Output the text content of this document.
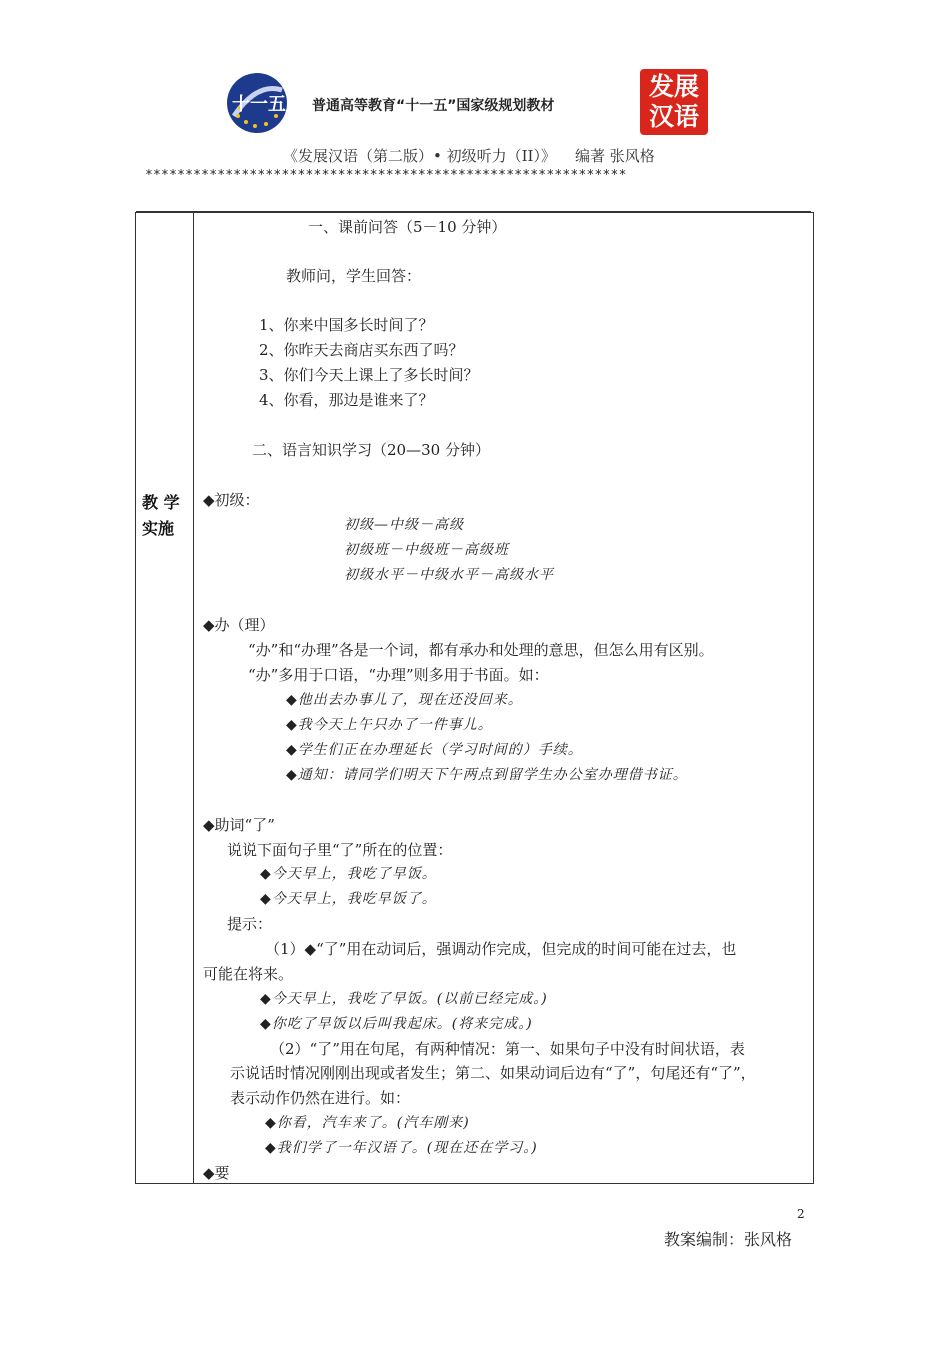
十一五 普通高等教育“十一五”国家级规划教材
发展
汉语
《发展汉语（第二版）• 初级听力（II）》    编著 张风格
************************************************************
教 学
实施
一、课前问答（5－10 分钟）
教师问，学生回答：
1、你来中国多长时间了？
2、你昨天去商店买东西了吗？
3、你们今天上课上了多长时间？
4、你看，那边是谁来了？
二、语言知识学习（20—30 分钟）
◆初级：
初级—中级－高级
初级班－中级班－高级班
初级水平－中级水平－高级水平
◆办（理）
“办”和“办理”各是一个词，都有承办和处理的意思，但怎么用有区别。
“办”多用于口语，“办理”则多用于书面。如：
◆他出去办事儿了，现在还没回来。
◆我今天上午只办了一件事儿。
◆学生们正在办理延长（学习时间的）手续。
◆通知：请同学们明天下午两点到留学生办公室办理借书证。
◆助词“了”
说说下面句子里“了”所在的位置：
◆今天早上，我吃了早饭。
◆今天早上，我吃早饭了。
提示：
（1）◆“了”用在动词后，强调动作完成，但完成的时间可能在过去，也
可能在将来。
◆今天早上，我吃了早饭。(以前已经完成。)
◆你吃了早饭以后叫我起床。(将来完成。)
（2）“了”用在句尾，有两种情况：第一、如果句子中没有时间状语，表
示说话时情况刚刚出现或者发生；第二、如果动词后边有“了”，句尾还有“了”，
表示动作仍然在进行。如：
◆你看，汽车来了。(汽车刚来)
◆我们学了一年汉语了。(现在还在学习。)
◆要
2
教案编制：张风格
